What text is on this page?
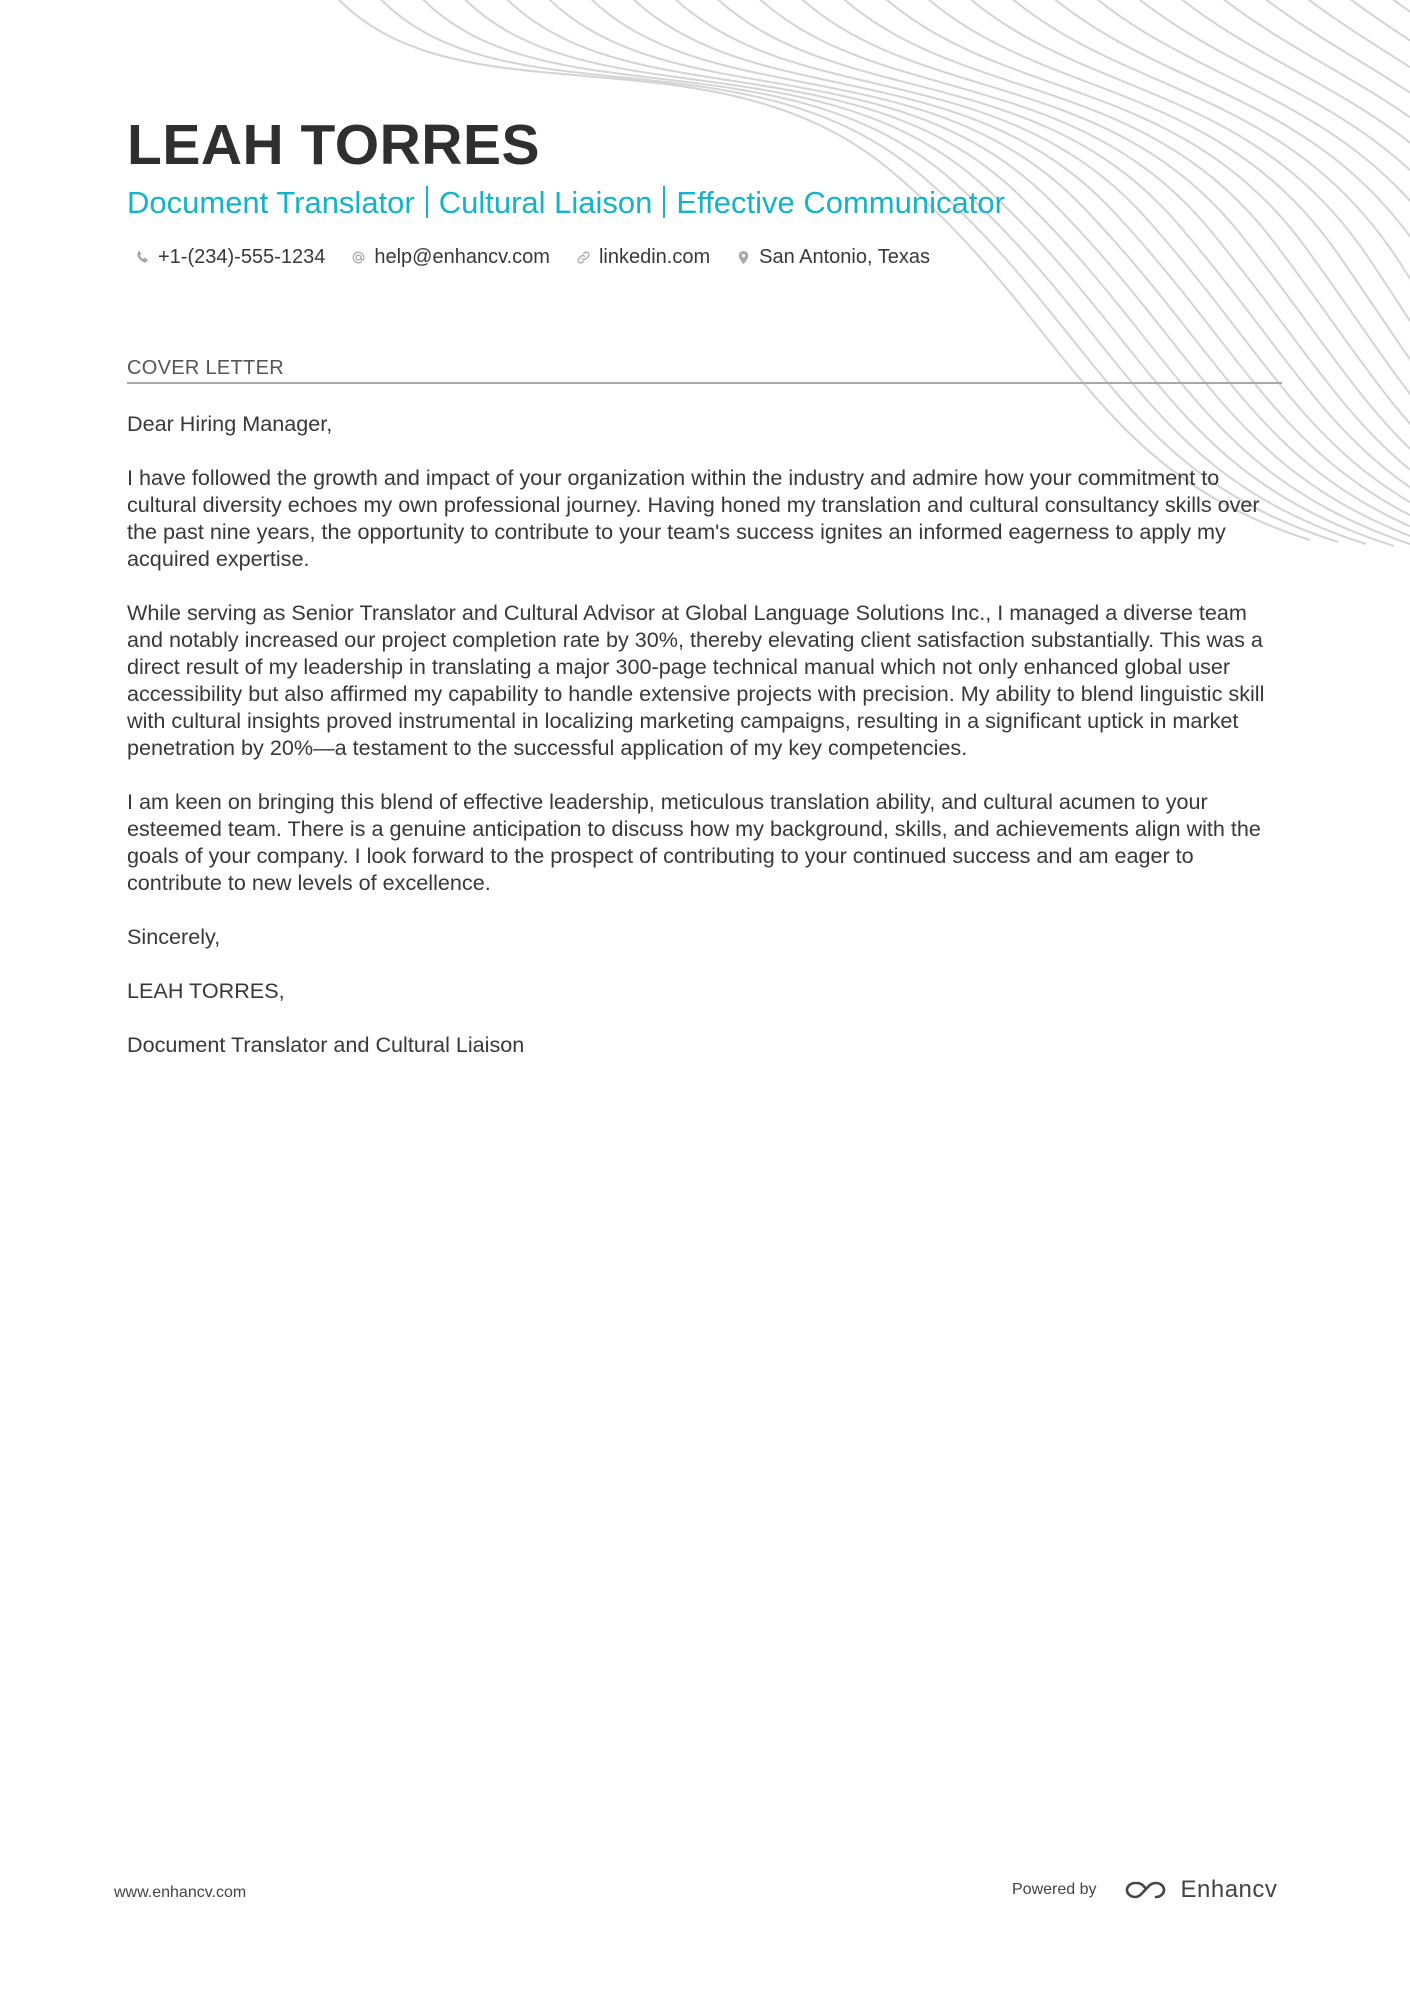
LEAH TORRES
Document Translator Cultural Liaison Effective Communicator
+1-(234)-555-1234 help@enhancv.com linkedin.com San Antonio, Texas
COVER LETTER

Dear Hiring Manager,

I have followed the growth and impact of your organization within the industry and admire how your commitment to cultural diversity echoes my own professional journey. Having honed my translation and cultural consultancy skills over the past nine years, the opportunity to contribute to your team's success ignites an informed eagerness to apply my acquired expertise.

While serving as Senior Translator and Cultural Advisor at Global Language Solutions Inc., I managed a diverse team and notably increased our project completion rate by 30%, thereby elevating client satisfaction substantially. This was a direct result of my leadership in translating a major 300-page technical manual which not only enhanced global user accessibility but also affirmed my capability to handle extensive projects with precision. My ability to blend linguistic skill with cultural insights proved instrumental in localizing marketing campaigns, resulting in a significant uptick in market penetration by 20%—a testament to the successful application of my key competencies.

I am keen on bringing this blend of effective leadership, meticulous translation ability, and cultural acumen to your esteemed team. There is a genuine anticipation to discuss how my background, skills, and achievements align with the goals of your company. I look forward to the prospect of contributing to your continued success and am eager to contribute to new levels of excellence.

Sincerely,

LEAH TORRES,

Document Translator and Cultural Liaison

www.enhancv.com	Powered by	Enhancv
